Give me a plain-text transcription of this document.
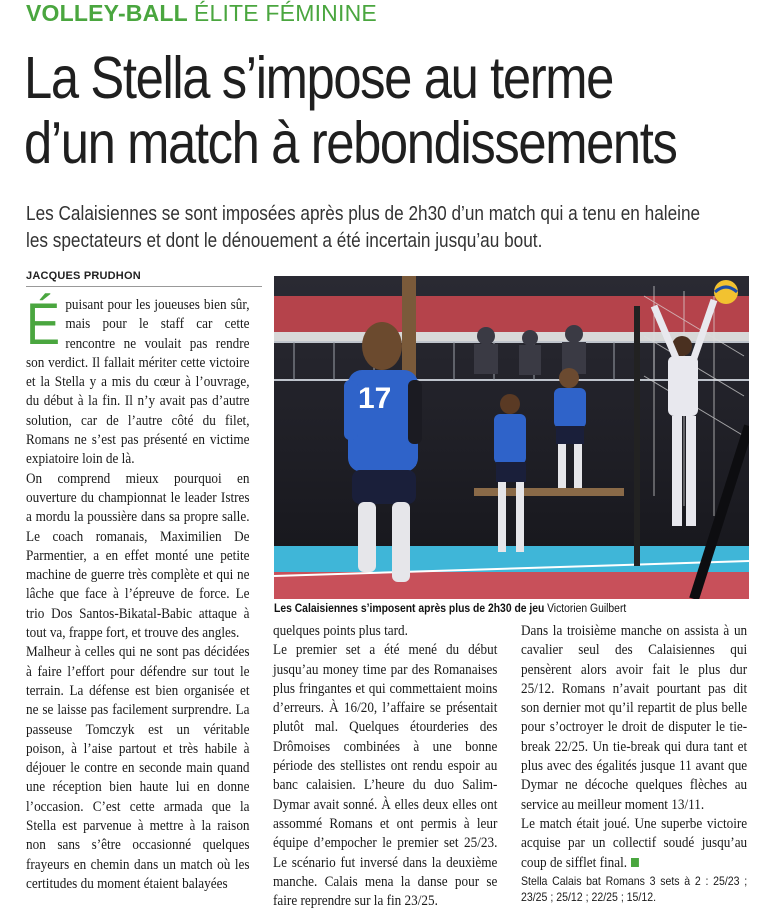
VOLLEY-BALL ÉLITE FÉMININE
La Stella s’impose au terme
d’un match à rebondissements

Les Calaisiennes se sont imposées après plus de 2h30 d’un match qui a tenu en haleine
les spectateurs et dont le dénouement a été incertain jusqu’au bout.

JACQUES PRUDHON

Épuisant pour les joueuses bien sûr, mais pour le staff car cette rencontre ne voulait pas rendre son verdict. Il fallait mériter cette victoire et la Stella y a mis du cœur à l’ouvrage, du début à la fin. Il n’y avait pas d’autre solution, car de l’autre côté du filet, Romans ne s’est pas présenté en victime expiatoire loin de là.

On comprend mieux pourquoi en ouverture du championnat le leader Istres a mordu la poussière dans sa propre salle. Le coach romanais, Maximilien De Parmentier, a en effet monté une petite machine de guerre très complète et qui ne lâche que face à l’épreuve de force. Le trio Dos Santos-Bikatal-Babic attaque à tout va, frappe fort, et trouve des angles.

Malheur à celles qui ne sont pas décidées à faire l’effort pour défendre sur tout le terrain. La défense est bien organisée et ne se laisse pas facilement surprendre. La passeuse Tomczyk est un véritable poison, à l’aise partout et très habile à déjouer le contre en seconde main quand une réception bien haute lui en donne l’occasion. C’est cette armada que la Stella est parvenue à mettre à la raison non sans s’être occasionné quelques frayeurs en chemin dans un match où les certitudes du moment étaient balayées

17
Les Calaisiennes s’imposent après plus de 2h30 de jeu Victorien Guilbert

quelques points plus tard.

Le premier set a été mené du début jusqu’au money time par des Romanaises plus fringantes et qui commettaient moins d’erreurs. À 16/20, l’affaire se présentait plutôt mal. Quelques étourderies des Drômoises combinées à une bonne période des stellistes ont rendu espoir au banc calaisien. L’heure du duo Salim-Dymar avait sonné. À elles deux elles ont assommé Romans et ont permis à leur équipe d’empocher le premier set 25/23. Le scénario fut inversé dans la deuxième manche. Calais mena la danse pour se faire reprendre sur la fin 23/25.

Dans la troisième manche on assista à un cavalier seul des Calaisiennes qui pensèrent alors avoir fait le plus dur 25/12. Romans n’avait pourtant pas dit son dernier mot qu’il repartit de plus belle pour s’octroyer le droit de disputer le tie-break 22/25. Un tie-break qui dura tant et plus avec des égalités jusque 11 avant que Dymar ne décoche quelques flèches au service au meilleur moment 13/11.

Le match était joué. Une superbe victoire acquise par un collectif soudé jusqu’au coup de sifflet final.

Stella Calais bat Romans 3 sets à 2 : 25/23 ; 23/25 ; 25/12 ; 22/25 ; 15/12.
